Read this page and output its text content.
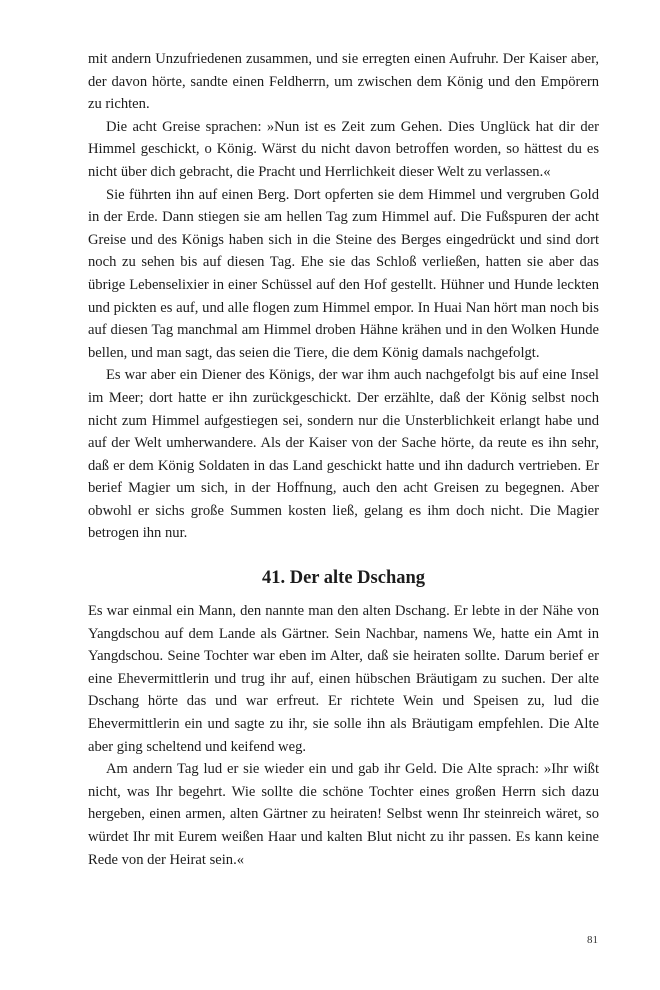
mit andern Unzufriedenen zusammen, und sie erregten einen Aufruhr. Der Kaiser aber, der davon hörte, sandte einen Feldherrn, um zwischen dem König und den Empörern zu richten.

Die acht Greise sprachen: »Nun ist es Zeit zum Gehen. Dies Unglück hat dir der Himmel geschickt, o König. Wärst du nicht davon betroffen worden, so hättest du es nicht über dich gebracht, die Pracht und Herrlichkeit dieser Welt zu verlassen.«

Sie führten ihn auf einen Berg. Dort opferten sie dem Himmel und vergruben Gold in der Erde. Dann stiegen sie am hellen Tag zum Himmel auf. Die Fußspuren der acht Greise und des Königs haben sich in die Steine des Berges eingedrückt und sind dort noch zu sehen bis auf diesen Tag. Ehe sie das Schloß verließen, hatten sie aber das übrige Lebenselixier in einer Schüssel auf den Hof gestellt. Hühner und Hunde leckten und pickten es auf, und alle flogen zum Himmel empor. In Huai Nan hört man noch bis auf diesen Tag manchmal am Himmel droben Hähne krähen und in den Wolken Hunde bellen, und man sagt, das seien die Tiere, die dem König damals nachgefolgt.

Es war aber ein Diener des Königs, der war ihm auch nachgefolgt bis auf eine Insel im Meer; dort hatte er ihn zurückgeschickt. Der erzählte, daß der König selbst noch nicht zum Himmel aufgestiegen sei, sondern nur die Unsterblichkeit erlangt habe und auf der Welt umherwandere. Als der Kaiser von der Sache hörte, da reute es ihn sehr, daß er dem König Soldaten in das Land geschickt hatte und ihn dadurch vertrieben. Er berief Magier um sich, in der Hoffnung, auch den acht Greisen zu begegnen. Aber obwohl er sichs große Summen kosten ließ, gelang es ihm doch nicht. Die Magier betrogen ihn nur.

41. Der alte Dschang

Es war einmal ein Mann, den nannte man den alten Dschang. Er lebte in der Nähe von Yangdschou auf dem Lande als Gärtner. Sein Nachbar, namens We, hatte ein Amt in Yangdschou. Seine Tochter war eben im Alter, daß sie heiraten sollte. Darum berief er eine Ehevermittlerin und trug ihr auf, einen hübschen Bräutigam zu suchen. Der alte Dschang hörte das und war erfreut. Er richtete Wein und Speisen zu, lud die Ehevermittlerin ein und sagte zu ihr, sie solle ihn als Bräutigam empfehlen. Die Alte aber ging scheltend und keifend weg.

Am andern Tag lud er sie wieder ein und gab ihr Geld. Die Alte sprach: »Ihr wißt nicht, was Ihr begehrt. Wie sollte die schöne Tochter eines großen Herrn sich dazu hergeben, einen armen, alten Gärtner zu heiraten! Selbst wenn Ihr steinreich wäret, so würdet Ihr mit Eurem weißen Haar und kalten Blut nicht zu ihr passen. Es kann keine Rede von der Heirat sein.«

81
